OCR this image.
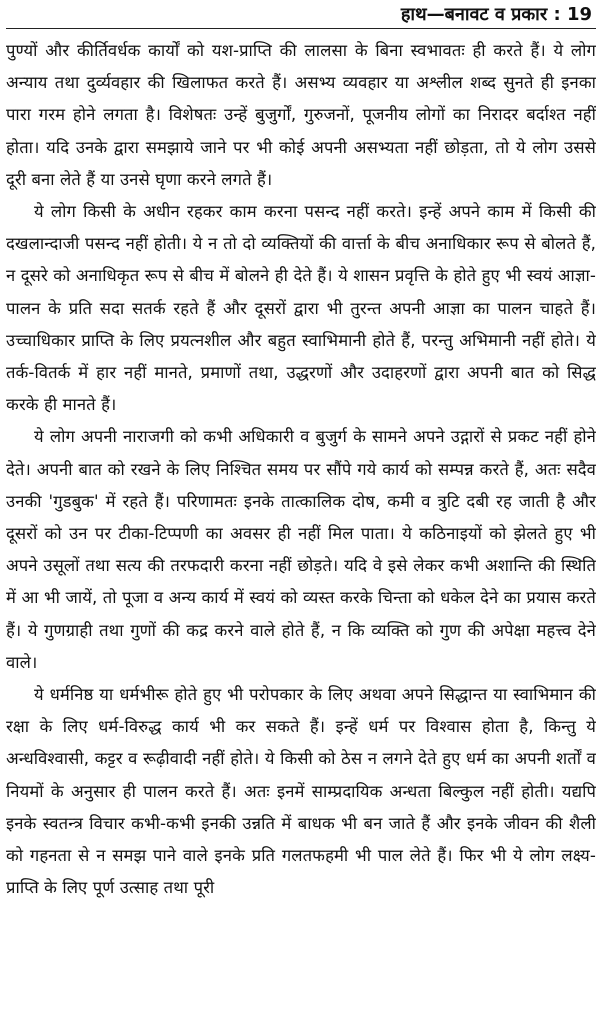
हाथ—बनावट व प्रकार : 19

पुण्यों और कीर्तिवर्धक कार्यों को यश-प्राप्ति की लालसा के बिना स्वभावतः ही करते हैं। ये लोग अन्याय तथा दुर्व्यवहार की खिलाफत करते हैं। असभ्य व्यवहार या अश्लील शब्द सुनते ही इनका पारा गरम होने लगता है। विशेषतः उन्हें बुजुर्गों, गुरुजनों, पूजनीय लोगों का निरादर बर्दाश्त नहीं होता। यदि उनके द्वारा समझाये जाने पर भी कोई अपनी असभ्यता नहीं छोड़ता, तो ये लोग उससे दूरी बना लेते हैं या उनसे घृणा करने लगते हैं।

ये लोग किसी के अधीन रहकर काम करना पसन्द नहीं करते। इन्हें अपने काम में किसी की दखलान्दाजी पसन्द नहीं होती। ये न तो दो व्यक्तियों की वार्त्ता के बीच अनाधिकार रूप से बोलते हैं, न दूसरे को अनाधिकृत रूप से बीच में बोलने ही देते हैं। ये शासन प्रवृत्ति के होते हुए भी स्वयं आज्ञा-पालन के प्रति सदा सतर्क रहते हैं और दूसरों द्वारा भी तुरन्त अपनी आज्ञा का पालन चाहते हैं। उच्चाधिकार प्राप्ति के लिए प्रयत्नशील और बहुत स्वाभिमानी होते हैं, परन्तु अभिमानी नहीं होते। ये तर्क-वितर्क में हार नहीं मानते, प्रमाणों तथा, उद्धरणों और उदाहरणों द्वारा अपनी बात को सिद्ध करके ही मानते हैं।

ये लोग अपनी नाराजगी को कभी अधिकारी व बुजुर्ग के सामने अपने उद्गारों से प्रकट नहीं होने देते। अपनी बात को रखने के लिए निश्चित समय पर सौंपे गये कार्य को सम्पन्न करते हैं, अतः सदैव उनकी 'गुडबुक' में रहते हैं। परिणामतः इनके तात्कालिक दोष, कमी व त्रुटि दबी रह जाती है और दूसरों को उन पर टीका-टिप्पणी का अवसर ही नहीं मिल पाता। ये कठिनाइयों को झेलते हुए भी अपने उसूलों तथा सत्य की तरफदारी करना नहीं छोड़ते। यदि वे इसे लेकर कभी अशान्ति की स्थिति में आ भी जायें, तो पूजा व अन्य कार्य में स्वयं को व्यस्त करके चिन्ता को धकेल देने का प्रयास करते हैं। ये गुणग्राही तथा गुणों की कद्र करने वाले होते हैं, न कि व्यक्ति को गुण की अपेक्षा महत्त्व देने वाले।

ये धर्मनिष्ठ या धर्मभीरू होते हुए भी परोपकार के लिए अथवा अपने सिद्धान्त या स्वाभिमान की रक्षा के लिए धर्म-विरुद्ध कार्य भी कर सकते हैं। इन्हें धर्म पर विश्वास होता है, किन्तु ये अन्धविश्वासी, कट्टर व रूढ़ीवादी नहीं होते। ये किसी को ठेस न लगने देते हुए धर्म का अपनी शर्तों व नियमों के अनुसार ही पालन करते हैं। अतः इनमें साम्प्रदायिक अन्धता बिल्कुल नहीं होती। यद्यपि इनके स्वतन्त्र विचार कभी-कभी इनकी उन्नति में बाधक भी बन जाते हैं और इनके जीवन की शैली को गहनता से न समझ पाने वाले इनके प्रति गलतफहमी भी पाल लेते हैं। फिर भी ये लोग लक्ष्य-प्राप्ति के लिए पूर्ण उत्साह तथा पूरी
